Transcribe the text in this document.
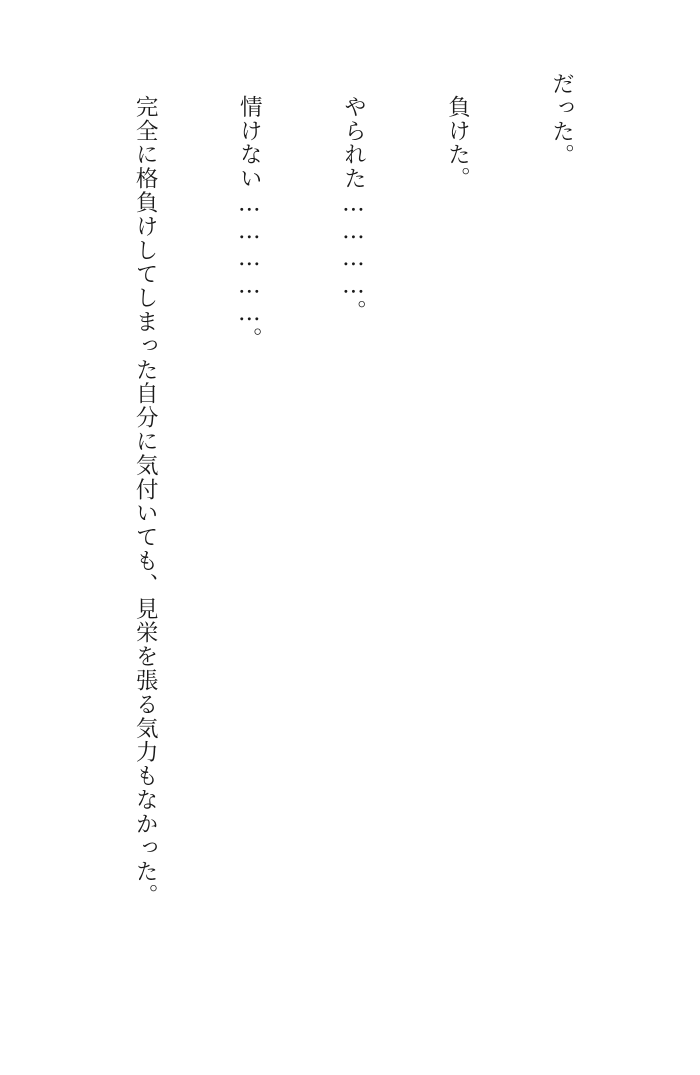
だった。

負けた。

やられた…………。

情けない……………。

完全に格負けしてしまった自分に気付いても、見栄を張る気力もなかった。
